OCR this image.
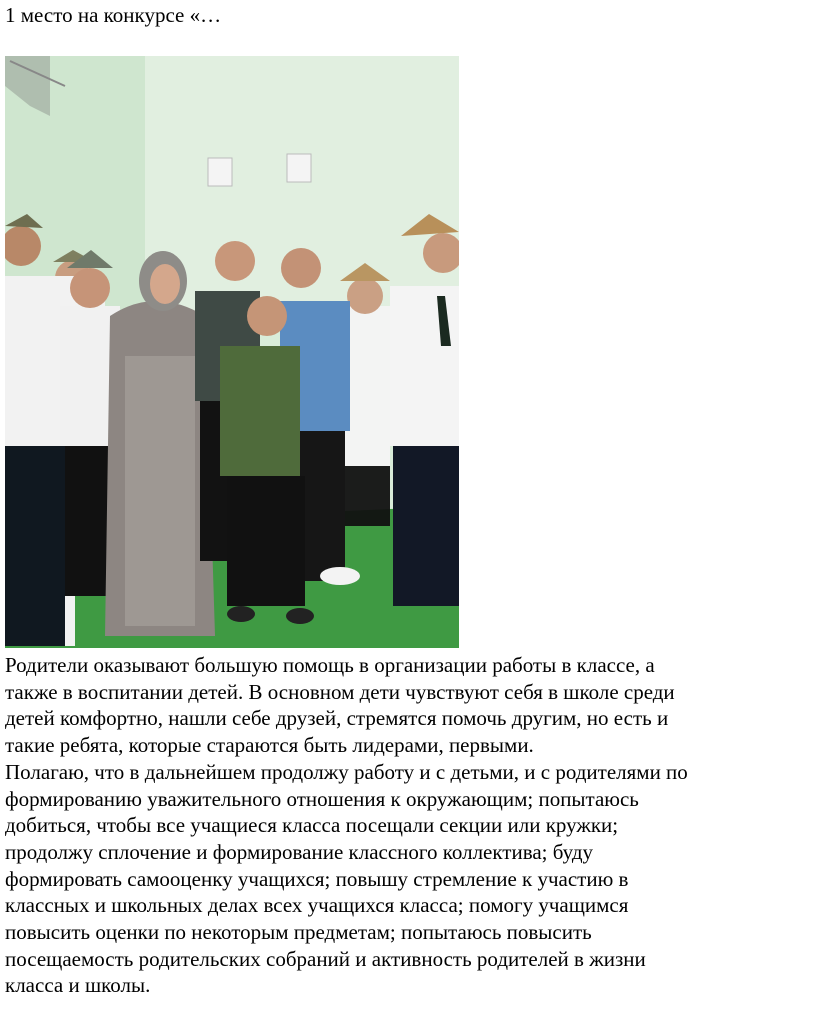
1 место на конкурсе «…

Родители оказывают большую помощь в организации работы в классе, а
также в воспитании детей. В основном дети чувствуют себя в школе среди
детей комфортно, нашли себе друзей, стремятся помочь другим, но есть и
такие ребята, которые стараются быть лидерами, первыми.

Полагаю, что в дальнейшем продолжу работу и с детьми, и с родителями по
формированию уважительного отношения к окружающим; попытаюсь
добиться, чтобы все учащиеся класса посещали секции или кружки;
продолжу сплочение и формирование классного коллектива; буду
формировать самооценку учащихся; повышу стремление к участию в
классных и школьных делах всех учащихся класса; помогу учащимся
повысить оценки по некоторым предметам; попытаюсь повысить
посещаемость родительских собраний и активность родителей в жизни
класса и школы.
